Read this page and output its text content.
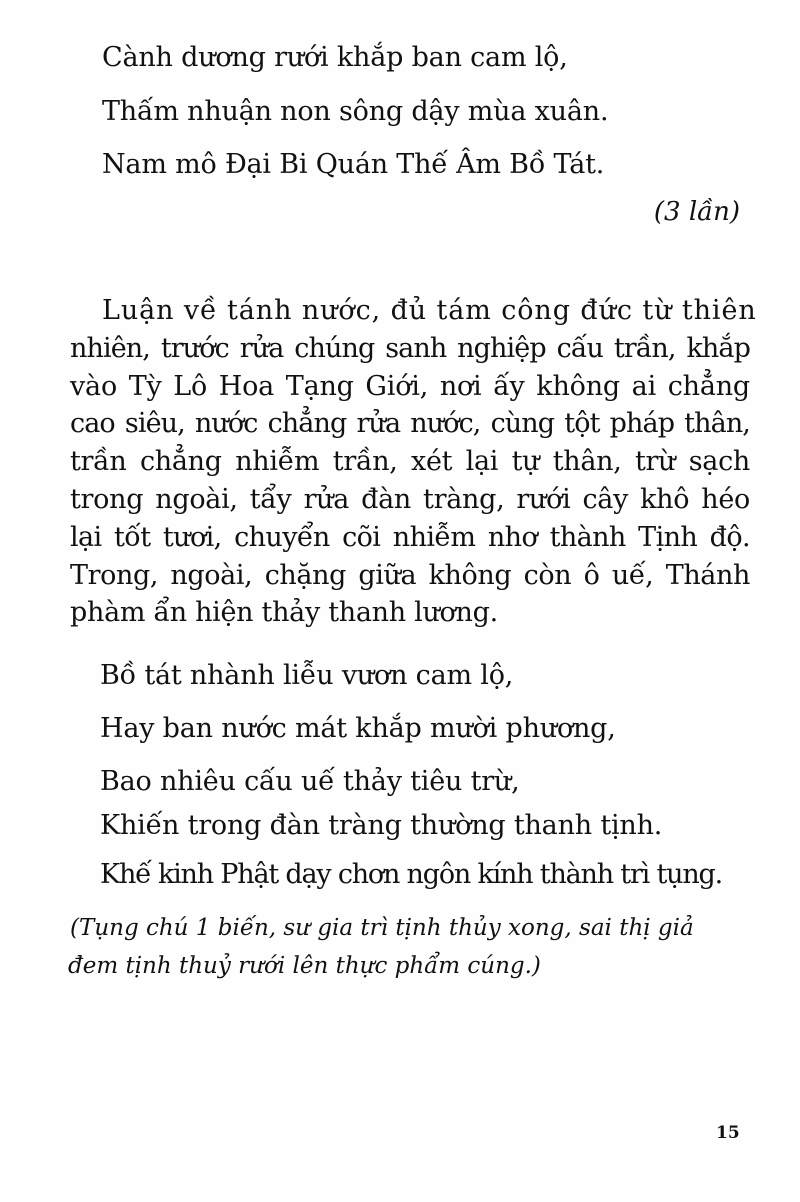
Cành dương rưới khắp ban cam lộ,
Thấm nhuận non sông dậy mùa xuân.
Nam mô Đại Bi Quán Thế Âm Bồ Tát.
(3 lần)
Luận về tánh nước, đủ tám công đức từ thiên
nhiên, trước rửa chúng sanh nghiệp cấu trần, khắp
vào Tỳ Lô Hoa Tạng Giới, nơi ấy không ai chẳng
cao siêu, nước chẳng rửa nước, cùng tột pháp thân,
trần chẳng nhiễm trần, xét lại tự thân, trừ sạch
trong ngoài, tẩy rửa đàn tràng, rưới cây khô héo
lại tốt tươi, chuyển cõi nhiễm nhơ thành Tịnh độ.
Trong, ngoài, chặng giữa không còn ô uế, Thánh
phàm ẩn hiện thảy thanh lương.
Bồ tát nhành liễu vươn cam lộ,
Hay ban nước mát khắp mười phương,
Bao nhiêu cấu uế thảy tiêu trừ,
Khiến trong đàn tràng thường thanh tịnh.
Khế kinh Phật dạy chơn ngôn kính thành trì tụng.
(Tụng chú 1 biến, sư gia trì tịnh thủy xong, sai thị giả
đem tịnh thuỷ rưới lên thực phẩm cúng.)
15
